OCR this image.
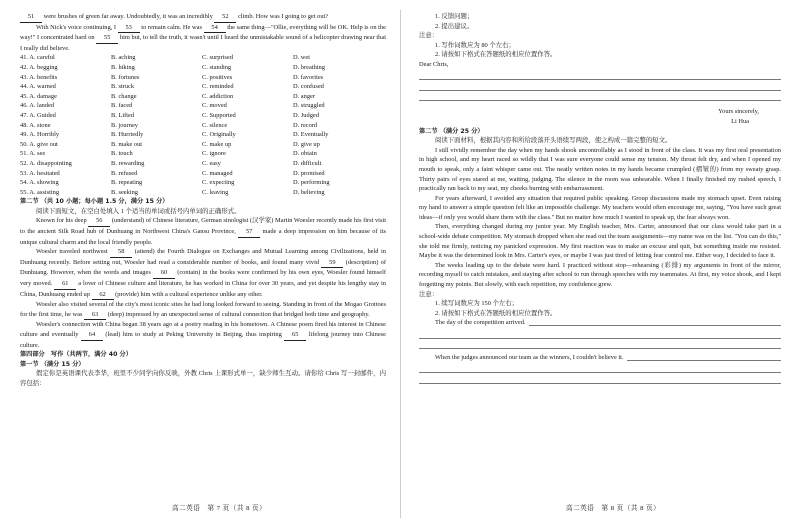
51 were brushes of green far away. Undoubtedly, it was an incredibly 52 climb. How was I going to get out?

With Nick's voice continuing, I 53 to remain calm. He was 54 the same thing—"Ollie, everything will be OK. Help is on the way!" I concentrated hard on 55 him but, to tell the truth, it wasn't until I heard the unmistakable sound of a helicopter drawing near that I really did believe.

41. A. careful	B. aching	C. surprised	D. wet
42. A. begging	B. hiking	C. standing	D. breathing
43. A. benefits	B. fortunes	C. positives	D. favorites
44. A. warned	B. struck	C. reminded	D. confused
45. A. damage	B. change	C. addiction	D. anger
46. A. landed	B. faced	C. moved	D. struggled
47. A. Guided	B. Lifted	C. Supported	D. Judged
48. A. stone	B. journey	C. silence	D. record
49. A. Horribly	B. Hurriedly	C. Originally	D. Eventually
50. A. give out	B. make out	C. make up	D. give up
51. A. see	B. touch	C. ignore	D. obtain
52. A. disappointing	B. rewarding	C. easy	D. difficult
53. A. hesitated	B. refused	C. managed	D. promised
54. A. showing	B. repeating	C. expecting	D. performing
55. A. assisting	B. seeking	C. leaving	D. believing

第二节 （共 10 小题；每小题 1.5 分，满分 15 分）

阅读下面短文，在空白处填入 1 个适当的单词或括号内单词的正确形式。

Known for his deep 56 (understand) of Chinese literature, German sinologist (汉学家) Martin Woesler recently made his first visit to the ancient Silk Road hub of Dunhuang in Northwest China's Gansu Province, 57 made a deep impression on him because of its unique cultural charm and the local friendly people.

Woesler traveled northwest 58 (attend) the Fourth Dialogue on Exchanges and Mutual Learning among Civilizations, held in Dunhuang recently. Before setting out, Woesler had read a considerable number of books, and found many vivid 59 (description) of Dunhuang. However, when the words and images 60 (contain) in the books were confirmed by his own eyes, Woesler found himself very moved. 61 a lover of Chinese culture and literature, he has worked in China for over 30 years, and yet despite his lengthy stay in China, Dunhuang ended up 62 (provide) him with a cultural experience unlike any other.

Woesler also visited several of the city's most iconic sites he had long looked forward to seeing. Standing in front of the Mogao Grottoes for the first time, he was 63 (deep) impressed by an unexpected sense of cultural connection that bridged both time and geography.

Woesler's connection with China began 38 years ago at a poetry reading in his hometown. A Chinese poem fired his interest in Chinese culture and eventually 64 (lead) him to study at Peking University in Beijing, thus inspiring 65 lifelong journey into Chinese culture.

第四部分　写作（共两节，满分 40 分）

第一节 （满分 15 分）

假定你是英语课代表李华，班里不少同学向你反映，外教 Chris 上课形式单一，缺少师生互动。请你给 Chris 写一封邮件，内容包括：

高二英语　第 7 页（共 8 页）

1. 反馈问题；

2. 提出建议。

注意：

1. 写作词数应为 80 个左右；

2. 请按如下格式在答题纸的相应位置作答。

Dear Chris,

Yours sincerely,

Li Hua

第二节 （满分 25 分）

阅读下面材料，根据其内容和所给段落开头语续写两段，使之构成一篇完整的短文。

I still vividly remember the day when my hands shook uncontrollably as I stood in front of the class. It was my first oral presentation in high school, and my heart raced so wildly that I was sure everyone could sense my tension. My throat felt dry, and when I opened my mouth to speak, only a faint whisper came out. The neatly written notes in my hands became crumpled (褶皱的) from my sweaty grasp. Thirty pairs of eyes stared at me, waiting, judging. The silence in the room was unbearable. When I finally finished my rushed speech, I practically ran back to my seat, my cheeks burning with embarrassment.

For years afterward, I avoided any situation that required public speaking. Group discussions made my stomach upset. Even raising my hand to answer a simple question felt like an impossible challenge. My teachers would often encourage me, saying, "You have such great ideas—if only you would share them with the class." But no matter how much I wanted to speak up, the fear always won.

Then, everything changed during my junior year. My English teacher, Mrs. Carter, announced that our class would take part in a school-wide debate competition. My stomach dropped when she read out the team assignments—my name was on the list. "You can do this," she told me firmly, noticing my panicked expression. My first reaction was to make an excuse and quit, but something inside me resisted. Maybe it was the determined look in Mrs. Carter's eyes, or maybe I was just tired of letting fear control me. Either way, I decided to face it.

The weeks leading up to the debate were hard. I practiced without stop—rehearsing (彩排) my arguments in front of the mirror, recording myself to catch mistakes, and staying after school to run through speeches with my teammates. At first, my voice shook, and I kept forgetting my points. But slowly, with each repetition, my confidence grew.

注意：

1. 续写词数应为 150 个左右；

2. 请按如下格式在答题纸的相应位置作答。

The day of the competition arrived.
When the judges announced our team as the winners, I couldn't believe it.
高二英语　第 8 页（共 8 页）
